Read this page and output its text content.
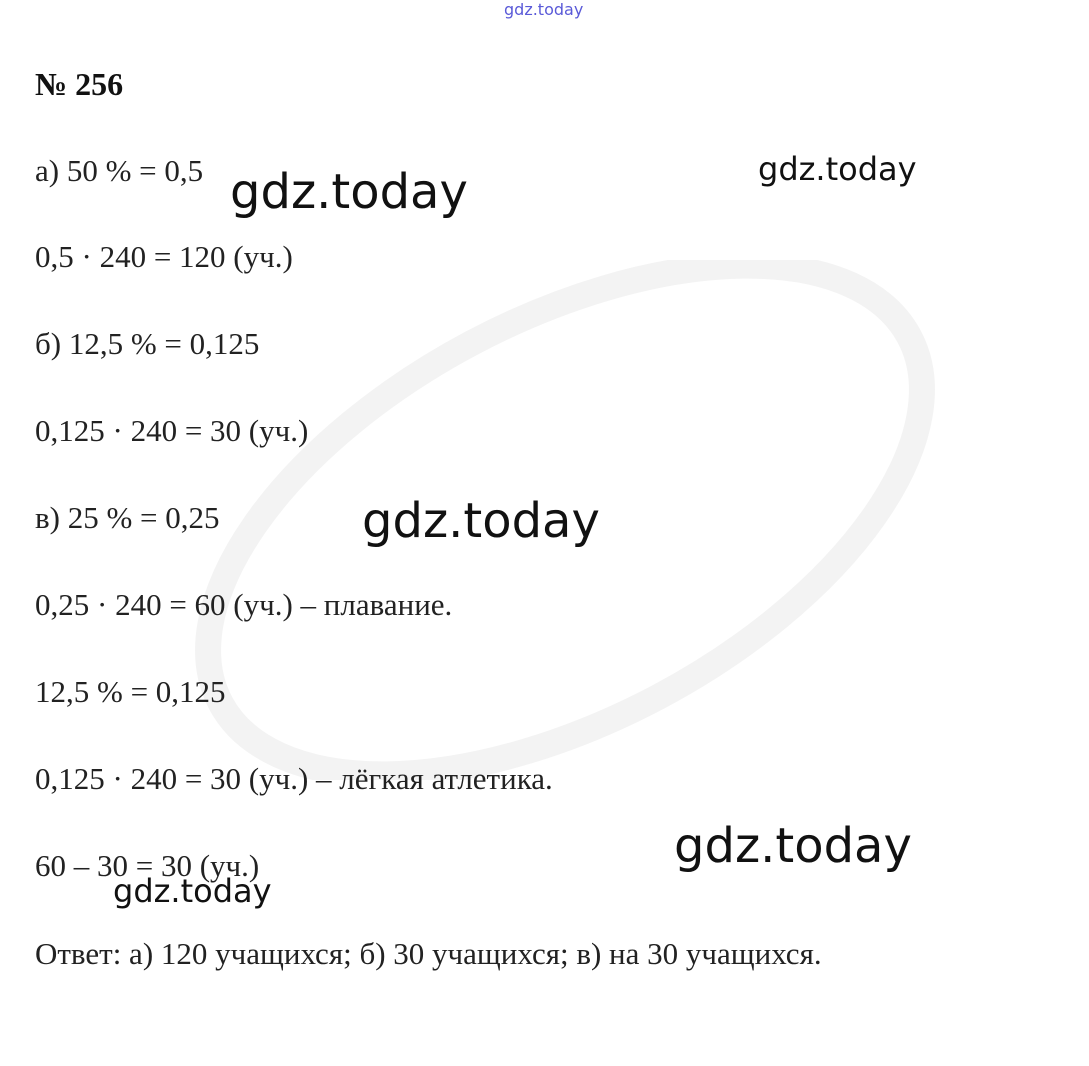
gdz.today
№ 256
а) 50 % = 0,5
0,5 · 240 = 120 (уч.)
б) 12,5 % = 0,125
0,125 · 240 = 30 (уч.)
в) 25 % = 0,25
0,25 · 240 = 60 (уч.) – плавание.
12,5 % = 0,125
0,125 · 240 = 30 (уч.) – лёгкая атлетика.
60 – 30 = 30 (уч.)
Ответ: а) 120 учащихся; б) 30 учащихся; в) на 30 учащихся.
gdz.today	gdz.today
gdz.today
gdz.today
gdz.today
